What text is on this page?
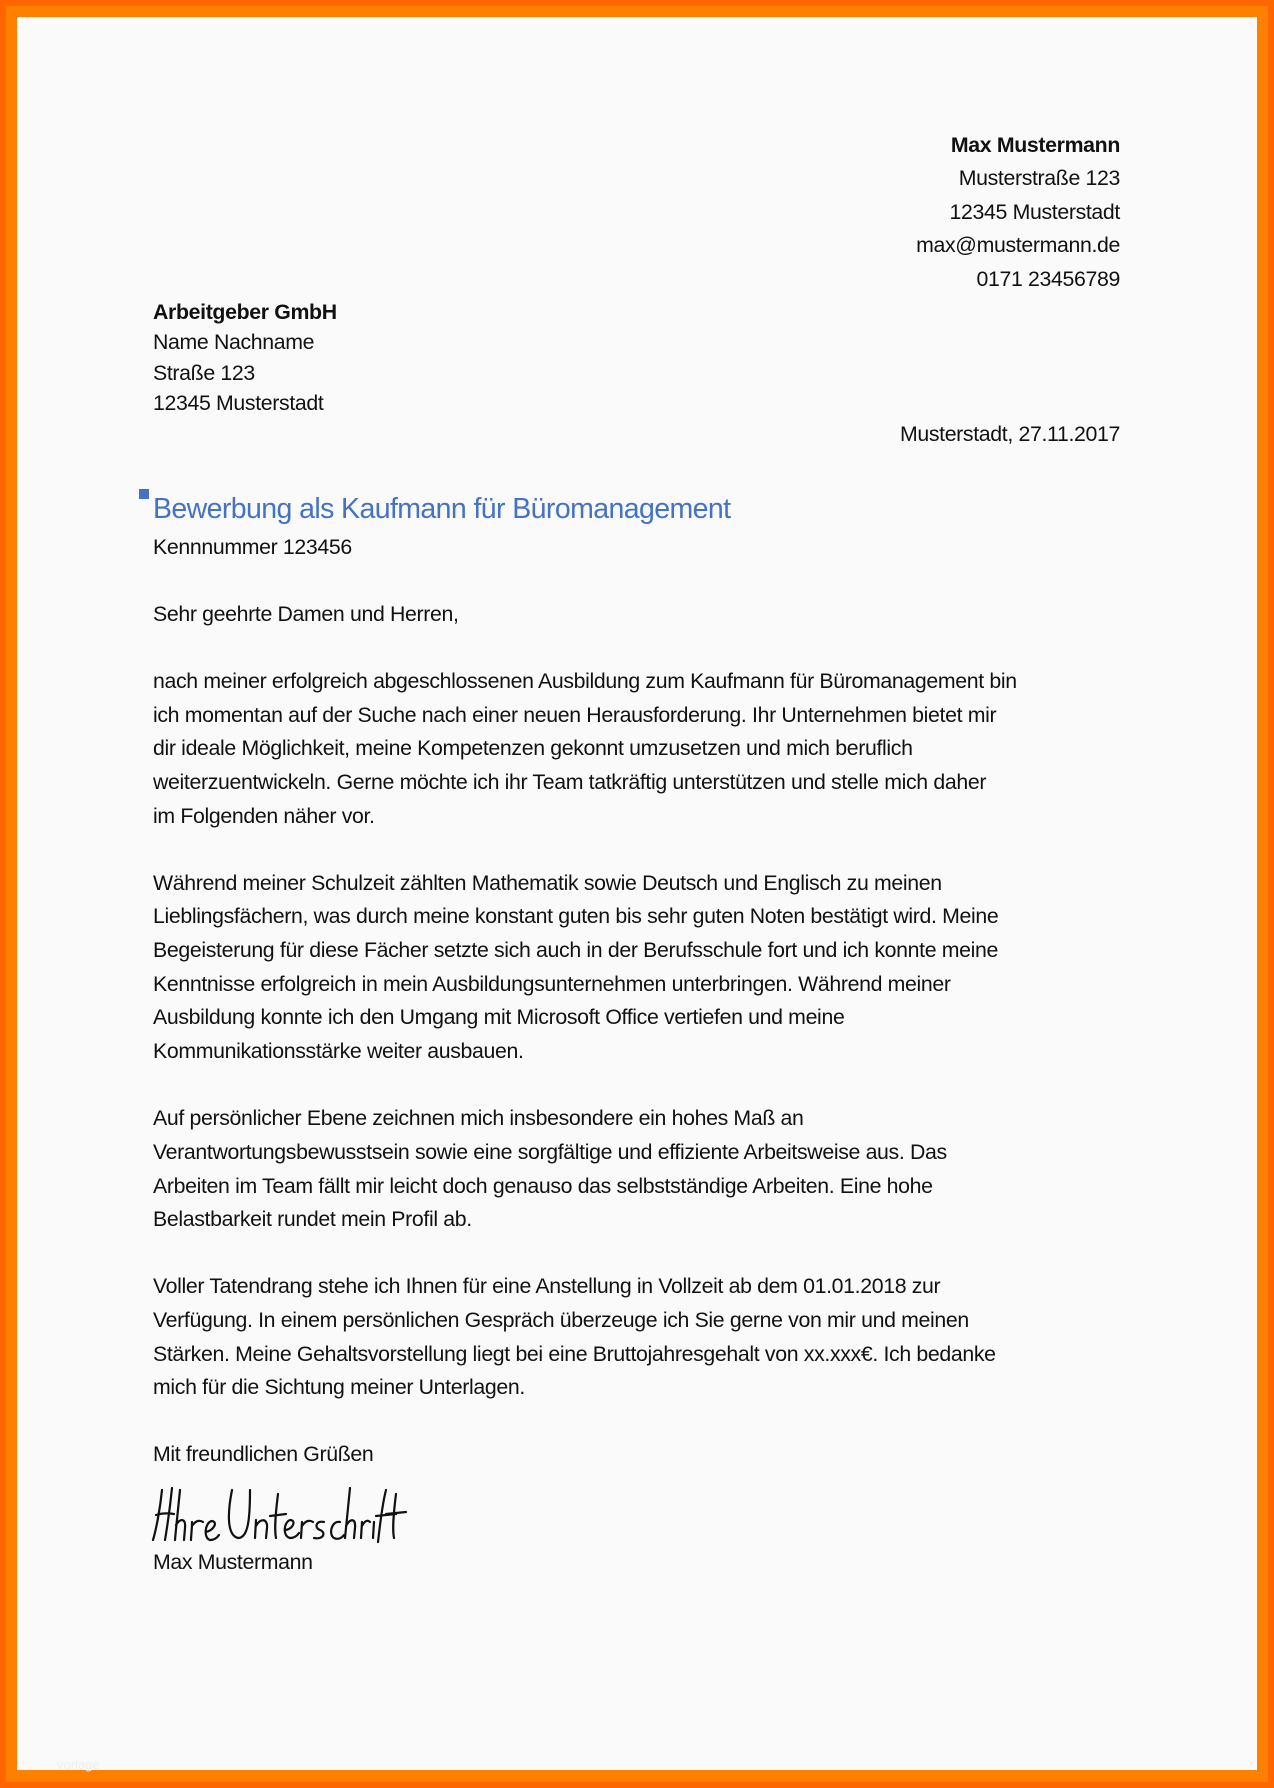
Max Mustermann
Musterstraße 123
12345 Musterstadt
max@mustermann.de
0171 23456789
Arbeitgeber GmbH
Name Nachname
Straße 123
12345 Musterstadt
Musterstadt, 27.11.2017
Bewerbung als Kaufmann für Büromanagement
Kennnummer 123456
Sehr geehrte Damen und Herren,
nach meiner erfolgreich abgeschlossenen Ausbildung zum Kaufmann für Büromanagement bin
ich momentan auf der Suche nach einer neuen Herausforderung. Ihr Unternehmen bietet mir
dir ideale Möglichkeit, meine Kompetenzen gekonnt umzusetzen und mich beruflich
weiterzuentwickeln. Gerne möchte ich ihr Team tatkräftig unterstützen und stelle mich daher
im Folgenden näher vor.
Während meiner Schulzeit zählten Mathematik sowie Deutsch und Englisch zu meinen
Lieblingsfächern, was durch meine konstant guten bis sehr guten Noten bestätigt wird. Meine
Begeisterung für diese Fächer setzte sich auch in der Berufsschule fort und ich konnte meine
Kenntnisse erfolgreich in mein Ausbildungsunternehmen unterbringen. Während meiner
Ausbildung konnte ich den Umgang mit Microsoft Office vertiefen und meine
Kommunikationsstärke weiter ausbauen.
Auf persönlicher Ebene zeichnen mich insbesondere ein hohes Maß an
Verantwortungsbewusstsein sowie eine sorgfältige und effiziente Arbeitsweise aus. Das
Arbeiten im Team fällt mir leicht doch genauso das selbstständige Arbeiten. Eine hohe
Belastbarkeit rundet mein Profil ab.
Voller Tatendrang stehe ich Ihnen für eine Anstellung in Vollzeit ab dem 01.01.2018 zur
Verfügung. In einem persönlichen Gespräch überzeuge ich Sie gerne von mir und meinen
Stärken. Meine Gehaltsvorstellung liegt bei eine Bruttojahresgehalt von xx.xxx€. Ich bedanke
mich für die Sichtung meiner Unterlagen.
Mit freundlichen Grüßen
Max Mustermann
vorlage
